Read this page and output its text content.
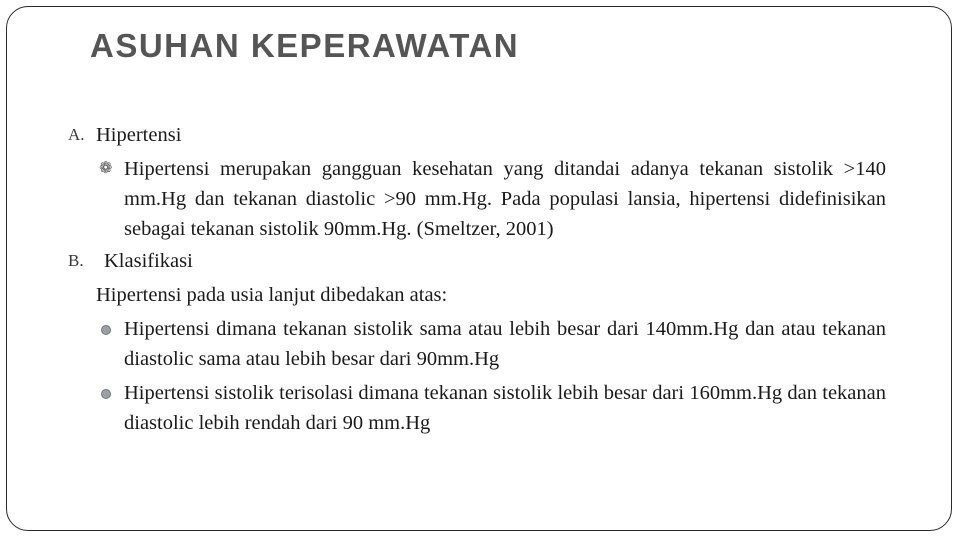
ASUHAN KEPERAWATAN
A. Hipertensi
❁ Hipertensi merupakan gangguan kesehatan yang ditandai adanya tekanan sistolik >140 mm.Hg dan tekanan diastolic >90 mm.Hg. Pada populasi lansia, hipertensi didefinisikan sebagai tekanan sistolik 90mm.Hg. (Smeltzer, 2001)
B. Klasifikasi
Hipertensi pada usia lanjut dibedakan atas:
Hipertensi dimana tekanan sistolik sama atau lebih besar dari 140mm.Hg dan atau tekanan diastolic sama atau lebih besar dari 90mm.Hg
Hipertensi sistolik terisolasi dimana tekanan sistolik lebih besar dari 160mm.Hg dan tekanan diastolic lebih rendah dari 90 mm.Hg
